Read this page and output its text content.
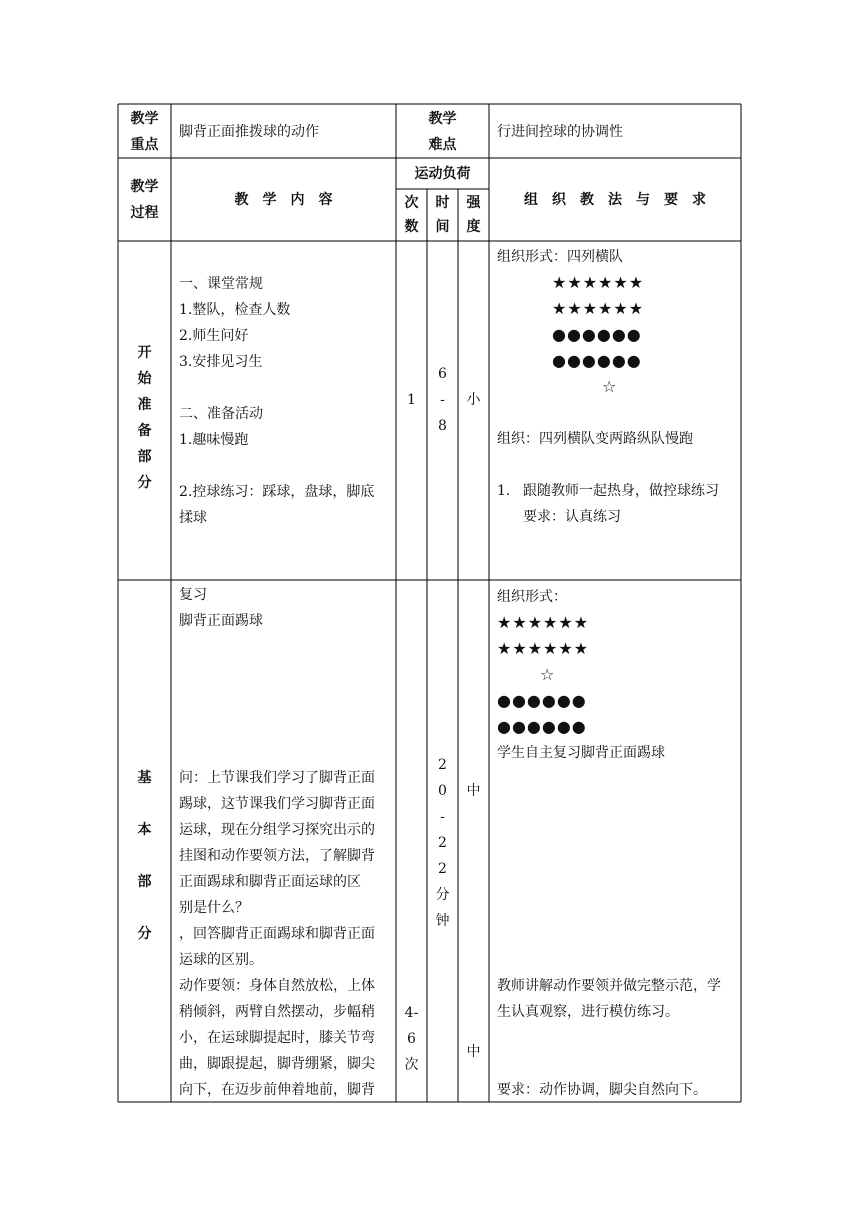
教学
重点
脚背正面推拨球的动作
教学
难点
行进间控球的协调性
教学
过程
教　学　内　容
运动负荷
次
数
时
间
强
度
组　织　教　法　与　要　求
开
始
准
备
部
分
一、课堂常规
1.整队，检查人数
2.师生问好
3.安排见习生
二、准备活动
1.趣味慢跑
2.控球练习：踩球，盘球，脚底
揉球
1
6
-
8
小
组织形式：四列横队
★★★★★★
★★★★★★
●●●●●●
●●●●●●
☆
组织：四列横队变两路纵队慢跑
1. 跟随教师一起热身，做控球练习
要求：认真练习
基
本
部
分
复习
脚背正面踢球
问：上节课我们学习了脚背正面
踢球，这节课我们学习脚背正面
运球，现在分组学习探究出示的
挂图和动作要领方法，了解脚背
正面踢球和脚背正面运球的区
别是什么？
，回答脚背正面踢球和脚背正面
运球的区别。
动作要领：身体自然放松，上体
稍倾斜，两臂自然摆动，步幅稍
小，在运球脚提起时，膝关节弯
曲，脚跟提起，脚背绷紧，脚尖
向下，在迈步前伸着地前，脚背
2
0
-
2
2
分
钟
中
4-
6
次
中
组织形式：
★★★★★★
★★★★★★
☆
●●●●●●
●●●●●●
学生自主复习脚背正面踢球
教师讲解动作要领并做完整示范，学
生认真观察，进行模仿练习。
要求：动作协调，脚尖自然向下。
